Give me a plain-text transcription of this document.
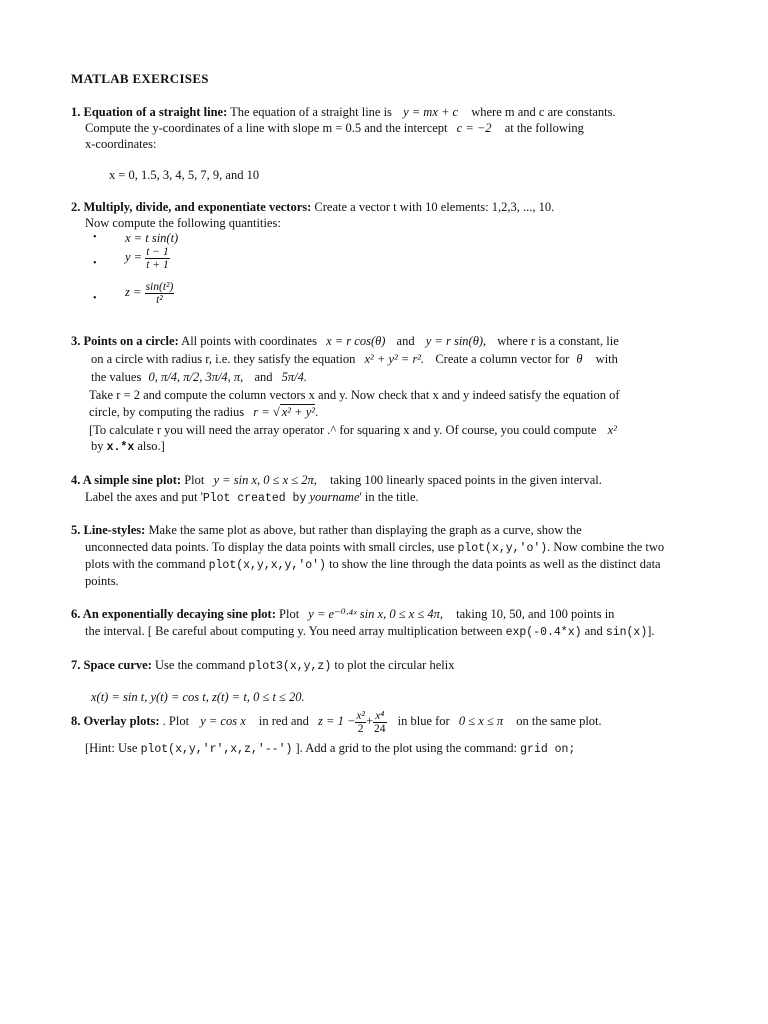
MATLAB EXERCISES
1. Equation of a straight line: The equation of a straight line is y = mx + c where m and c are constants.
Compute the y-coordinates of a line with slope m = 0.5 and the intercept c = −2 at the following
x-coordinates:
x = 0, 1.5, 3, 4, 5, 7, 9, and 10
2. Multiply, divide, and exponentiate vectors: Create a vector t with 10 elements: 1,2,3, ..., 10.
Now compute the following quantities:
• x = t sin(t)
• $y = \frac{t - 1}{t + 1}$
• $z = \frac{\text{sin(t²)}}{\text{t²}}$
3. Points on a circle: All points with coordinates x = r cos(θ) and y = r sin(θ), where r is a constant, lie
on a circle with radius r, i.e. they satisfy the equation x² + y² = r². Create a column vector for θ with
the values 0, π/4, π/2, 3π/4, π, and 5π/4.
Take r = 2 and compute the column vectors x and y. Now check that x and y indeed satisfy the equation of
circle, by computing the radius r = √ x² + y².
[To calculate r you will need the array operator .^ for squaring x and y. Of course, you could compute x²
by x.*x also.]
4. A simple sine plot: Plot y = sin x, 0 ≤ x ≤ 2π, taking 100 linearly spaced points in the given interval.
Label the axes and put 'Plot created by yourname' in the title.
5. Line-styles: Make the same plot as above, but rather than displaying the graph as a curve, show the
unconnected data points. To display the data points with small circles, use plot(x,y,'o'). Now combine the two
plots with the command plot(x,y,x,y,'o') to show the line through the data points as well as the distinct data
points.
6. An exponentially decaying sine plot: Plot y = e⁻⁰·⁴ˣ sin x, 0 ≤ x ≤ 4π, taking 10, 50, and 100 points in
the interval. [ Be careful about computing y. You need array multiplication between exp(-0.4*x) and sin(x)].
7. Space curve: Use the command plot3(x,y,z) to plot the circular helix
x(t) = sin t, y(t) = cos t, z(t) = t, 0 ≤ t ≤ 20.
8. Overlay plots: . Plot y = cos x in red and $z = 1 - \frac{\text{x²}}{2} + \frac{\text{x⁴}}{24}$ in blue for 0 ≤ x ≤ π on the same plot.
[Hint: Use plot(x,y,'r',x,z,'--') ]. Add a grid to the plot using the command: grid on;
